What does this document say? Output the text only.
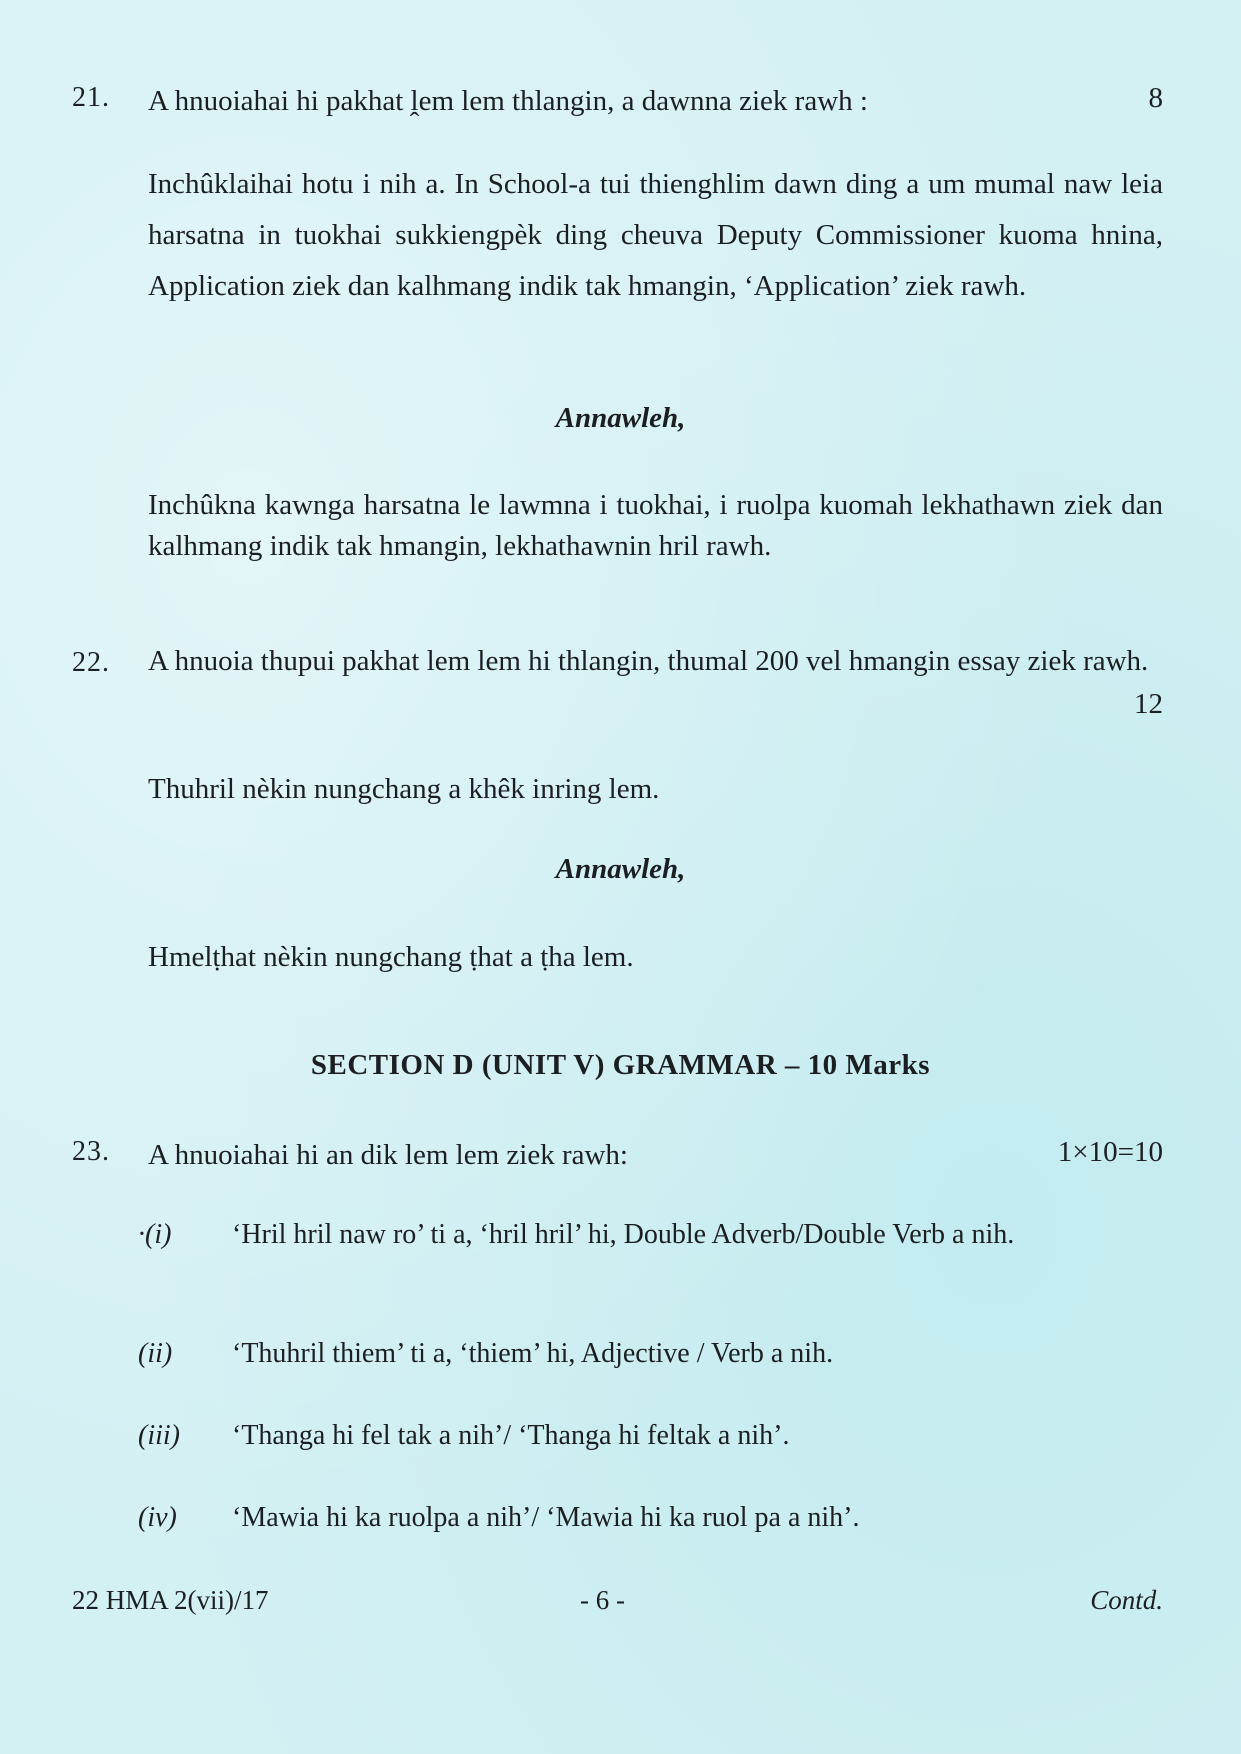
21. A hnuoiahai hi pakhat ḽem lem thlangin, a dawnna ziek rawh :	8
Inchûklaihai hotu i nih a. In School-a tui thienghlim dawn ding a um mumal naw leia harsatna in tuokhai sukkiengpèk ding cheuva Deputy Commissioner kuoma hnina, Application ziek dan kalhmang indik tak hmangin, ‘Application’ ziek rawh.
Annawleh,
Inchûkna kawnga harsatna le lawmna i tuokhai, i ruolpa kuomah lekhathawn ziek dan kalhmang indik tak hmangin, lekhathawnin hril rawh.
22. A hnuoia thupui pakhat lem lem hi thlangin, thumal 200 vel hmangin essay ziek rawh.
12
Thuhril nèkin nungchang a khêk inring lem.
Annawleh,
Hmelṭhat nèkin nungchang ṭhat a ṭha lem.
SECTION D (UNIT V) GRAMMAR – 10 Marks
23. A hnuoiahai hi an dik lem lem ziek rawh:	1×10=10
·(i) ‘Hril hril naw ro’ ti a, ‘hril hril’ hi, Double Adverb/Double Verb a nih.
(ii) ‘Thuhril thiem’ ti a, ‘thiem’ hi, Adjective / Verb a nih.
(iii) ‘Thanga hi fel tak a nih’/ ‘Thanga hi feltak a nih’.
(iv) ‘Mawia hi ka ruolpa a nih’/ ‘Mawia hi ka ruol pa a nih’.
22 HMA 2(vii)/17	- 6 -	Contd.
